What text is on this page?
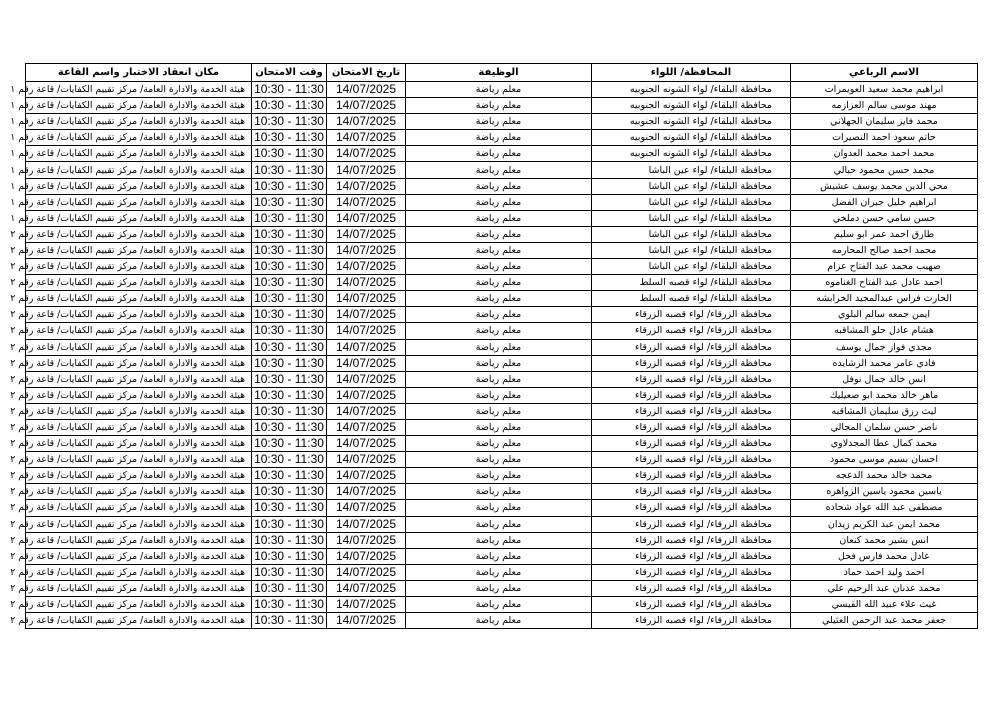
الاسم الرباعي	المحافظة/ اللواء	الوظيفة	تاريخ الامتحان	وقت الامتحان	مكان انعقاد الاختبار واسم القاعة
ابراهيم محمد سعيد العويمرات	محافظة البلقاء/ لواء الشونه الجنوبيه	معلم رياضة	14/07/2025	10:30 - 11:30	هيئة الخدمة والادارة العامة/ مركز تقييم الكفايات/ قاعة رقم ١
مهند موسى سالم العزازمه	محافظة البلقاء/ لواء الشونه الجنوبيه	معلم رياضة	14/07/2025	10:30 - 11:30	هيئة الخدمة والادارة العامة/ مركز تقييم الكفايات/ قاعة رقم ١
محمد فايز سليمان الجهلاني	محافظة البلقاء/ لواء الشونه الجنوبيه	معلم رياضة	14/07/2025	10:30 - 11:30	هيئة الخدمة والادارة العامة/ مركز تقييم الكفايات/ قاعة رقم ١
حاتم سعود احمد النصيرات	محافظة البلقاء/ لواء الشونه الجنوبيه	معلم رياضة	14/07/2025	10:30 - 11:30	هيئة الخدمة والادارة العامة/ مركز تقييم الكفايات/ قاعة رقم ١
محمد احمد محمد العدوان	محافظة البلقاء/ لواء الشونه الجنوبيه	معلم رياضة	14/07/2025	10:30 - 11:30	هيئة الخدمة والادارة العامة/ مركز تقييم الكفايات/ قاعة رقم ١
محمد حسن محمود حبالي	محافظة البلقاء/ لواء عين الباشا	معلم رياضة	14/07/2025	10:30 - 11:30	هيئة الخدمة والادارة العامة/ مركز تقييم الكفايات/ قاعة رقم ١
محي الدين محمد يوسف عشيش	محافظة البلقاء/ لواء عين الباشا	معلم رياضة	14/07/2025	10:30 - 11:30	هيئة الخدمة والادارة العامة/ مركز تقييم الكفايات/ قاعة رقم ١
ابراهيم خليل جبران الفضل	محافظة البلقاء/ لواء عين الباشا	معلم رياضة	14/07/2025	10:30 - 11:30	هيئة الخدمة والادارة العامة/ مركز تقييم الكفايات/ قاعة رقم ١
حسن سامي حسن دملخي	محافظة البلقاء/ لواء عين الباشا	معلم رياضة	14/07/2025	10:30 - 11:30	هيئة الخدمة والادارة العامة/ مركز تقييم الكفايات/ قاعة رقم ١
طارق احمد عمر ابو سليم	محافظة البلقاء/ لواء عين الباشا	معلم رياضة	14/07/2025	10:30 - 11:30	هيئة الخدمة والادارة العامة/ مركز تقييم الكفايات/ قاعة رقم ٢
محمد احمد صالح المحارمه	محافظة البلقاء/ لواء عين الباشا	معلم رياضة	14/07/2025	10:30 - 11:30	هيئة الخدمة والادارة العامة/ مركز تقييم الكفايات/ قاعة رقم ٢
صهيب محمد عبد الفتاح عزام	محافظة البلقاء/ لواء عين الباشا	معلم رياضة	14/07/2025	10:30 - 11:30	هيئة الخدمة والادارة العامة/ مركز تقييم الكفايات/ قاعة رقم ٢
احمد عادل عبد الفتاح الغناموه	محافظة البلقاء/ لواء قصبه السلط	معلم رياضة	14/07/2025	10:30 - 11:30	هيئة الخدمة والادارة العامة/ مركز تقييم الكفايات/ قاعة رقم ٢
الحارث فراس عبدالمجيد الخرابشه	محافظة البلقاء/ لواء قصبه السلط	معلم رياضة	14/07/2025	10:30 - 11:30	هيئة الخدمة والادارة العامة/ مركز تقييم الكفايات/ قاعة رقم ٢
ايمن جمعه سالم البلوي	محافظة الزرقاء/ لواء قصبه الزرقاء	معلم رياضة	14/07/2025	10:30 - 11:30	هيئة الخدمة والادارة العامة/ مركز تقييم الكفايات/ قاعة رقم ٢
هشام عادل حلو المشاقبه	محافظة الزرقاء/ لواء قصبه الزرقاء	معلم رياضة	14/07/2025	10:30 - 11:30	هيئة الخدمة والادارة العامة/ مركز تقييم الكفايات/ قاعة رقم ٢
مجدي فواز جمال يوسف	محافظة الزرقاء/ لواء قصبه الزرقاء	معلم رياضة	14/07/2025	10:30 - 11:30	هيئة الخدمة والادارة العامة/ مركز تقييم الكفايات/ قاعة رقم ٢
فادي عامر محمد الرشايده	محافظة الزرقاء/ لواء قصبه الزرقاء	معلم رياضة	14/07/2025	10:30 - 11:30	هيئة الخدمة والادارة العامة/ مركز تقييم الكفايات/ قاعة رقم ٢
انس خالد جمال نوفل	محافظة الزرقاء/ لواء قصبه الزرقاء	معلم رياضة	14/07/2025	10:30 - 11:30	هيئة الخدمة والادارة العامة/ مركز تقييم الكفايات/ قاعة رقم ٢
ماهر خالد محمد ابو صعيليك	محافظة الزرقاء/ لواء قصبه الزرقاء	معلم رياضة	14/07/2025	10:30 - 11:30	هيئة الخدمة والادارة العامة/ مركز تقييم الكفايات/ قاعة رقم ٢
ليث رزق سليمان المشاقبه	محافظة الزرقاء/ لواء قصبه الزرقاء	معلم رياضة	14/07/2025	10:30 - 11:30	هيئة الخدمة والادارة العامة/ مركز تقييم الكفايات/ قاعة رقم ٢
ناصر حسن سلمان المجالي	محافظة الزرقاء/ لواء قصبه الزرقاء	معلم رياضة	14/07/2025	10:30 - 11:30	هيئة الخدمة والادارة العامة/ مركز تقييم الكفايات/ قاعة رقم ٢
محمد كمال عطا المجدلاوي	محافظة الزرقاء/ لواء قصبه الزرقاء	معلم رياضة	14/07/2025	10:30 - 11:30	هيئة الخدمة والادارة العامة/ مركز تقييم الكفايات/ قاعة رقم ٢
احسان بسيم موسى محمود	محافظة الزرقاء/ لواء قصبه الزرقاء	معلم رياضة	14/07/2025	10:30 - 11:30	هيئة الخدمة والادارة العامة/ مركز تقييم الكفايات/ قاعة رقم ٢
محمد خالد محمد الدعجه	محافظة الزرقاء/ لواء قصبه الزرقاء	معلم رياضة	14/07/2025	10:30 - 11:30	هيئة الخدمة والادارة العامة/ مركز تقييم الكفايات/ قاعة رقم ٢
ياسين محمود ياسين الزواهره	محافظة الزرقاء/ لواء قصبه الزرقاء	معلم رياضة	14/07/2025	10:30 - 11:30	هيئة الخدمة والادارة العامة/ مركز تقييم الكفايات/ قاعة رقم ٢
مصطفى عبد الله عواد شحاده	محافظة الزرقاء/ لواء قصبه الزرقاء	معلم رياضة	14/07/2025	10:30 - 11:30	هيئة الخدمة والادارة العامة/ مركز تقييم الكفايات/ قاعة رقم ٢
محمد ايمن عبد الكريم زيدان	محافظة الزرقاء/ لواء قصبه الزرقاء	معلم رياضة	14/07/2025	10:30 - 11:30	هيئة الخدمة والادارة العامة/ مركز تقييم الكفايات/ قاعة رقم ٢
انس بشير محمد كنعان	محافظة الزرقاء/ لواء قصبه الزرقاء	معلم رياضة	14/07/2025	10:30 - 11:30	هيئة الخدمة والادارة العامة/ مركز تقييم الكفايات/ قاعة رقم ٢
عادل محمد فارس فحل	محافظة الزرقاء/ لواء قصبه الزرقاء	معلم رياضة	14/07/2025	10:30 - 11:30	هيئة الخدمة والادارة العامة/ مركز تقييم الكفايات/ قاعة رقم ٢
احمد وليد احمد حماد	محافظة الزرقاء/ لواء قصبه الزرقاء	معلم رياضة	14/07/2025	10:30 - 11:30	هيئة الخدمة والادارة العامة/ مركز تقييم الكفايات/ قاعة رقم ٢
محمد عدنان عبد الرحيم علي	محافظة الزرقاء/ لواء قصبه الزرقاء	معلم رياضة	14/07/2025	10:30 - 11:30	هيئة الخدمة والادارة العامة/ مركز تقييم الكفايات/ قاعة رقم ٢
غيث علاء عبيد الله القيسي	محافظة الزرقاء/ لواء قصبه الزرقاء	معلم رياضة	14/07/2025	10:30 - 11:30	هيئة الخدمة والادارة العامة/ مركز تقييم الكفايات/ قاعة رقم ٢
جعفر محمد عبد الرحمن العثيلي	محافظة الزرقاء/ لواء قصبه الزرقاء	معلم رياضة	14/07/2025	10:30 - 11:30	هيئة الخدمة والادارة العامة/ مركز تقييم الكفايات/ قاعة رقم ٢
